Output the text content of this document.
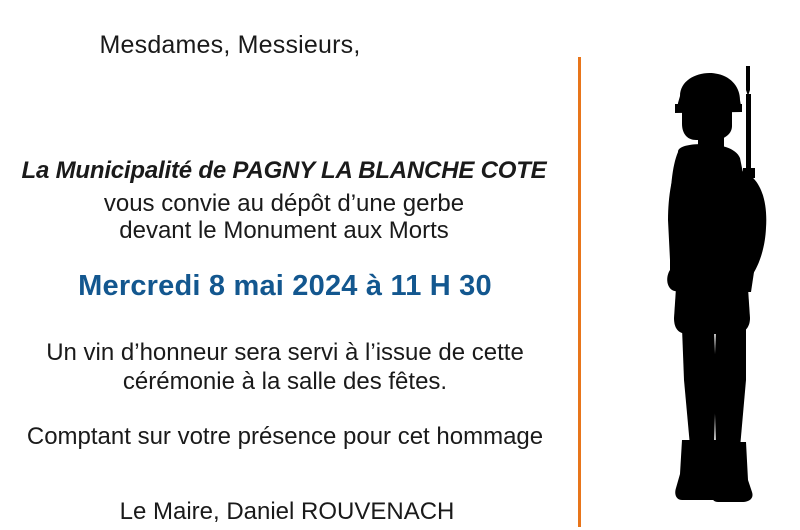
Mesdames, Messieurs,
La Municipalité de PAGNY LA BLANCHE COTE
vous convie au dépôt d’une gerbe
devant le Monument aux Morts
Mercredi 8 mai 2024 à 11 H 30
Un vin d’honneur sera servi à l’issue de cette
cérémonie à la salle des fêtes.
Comptant sur votre présence pour cet hommage
Le Maire, Daniel ROUVENACH
